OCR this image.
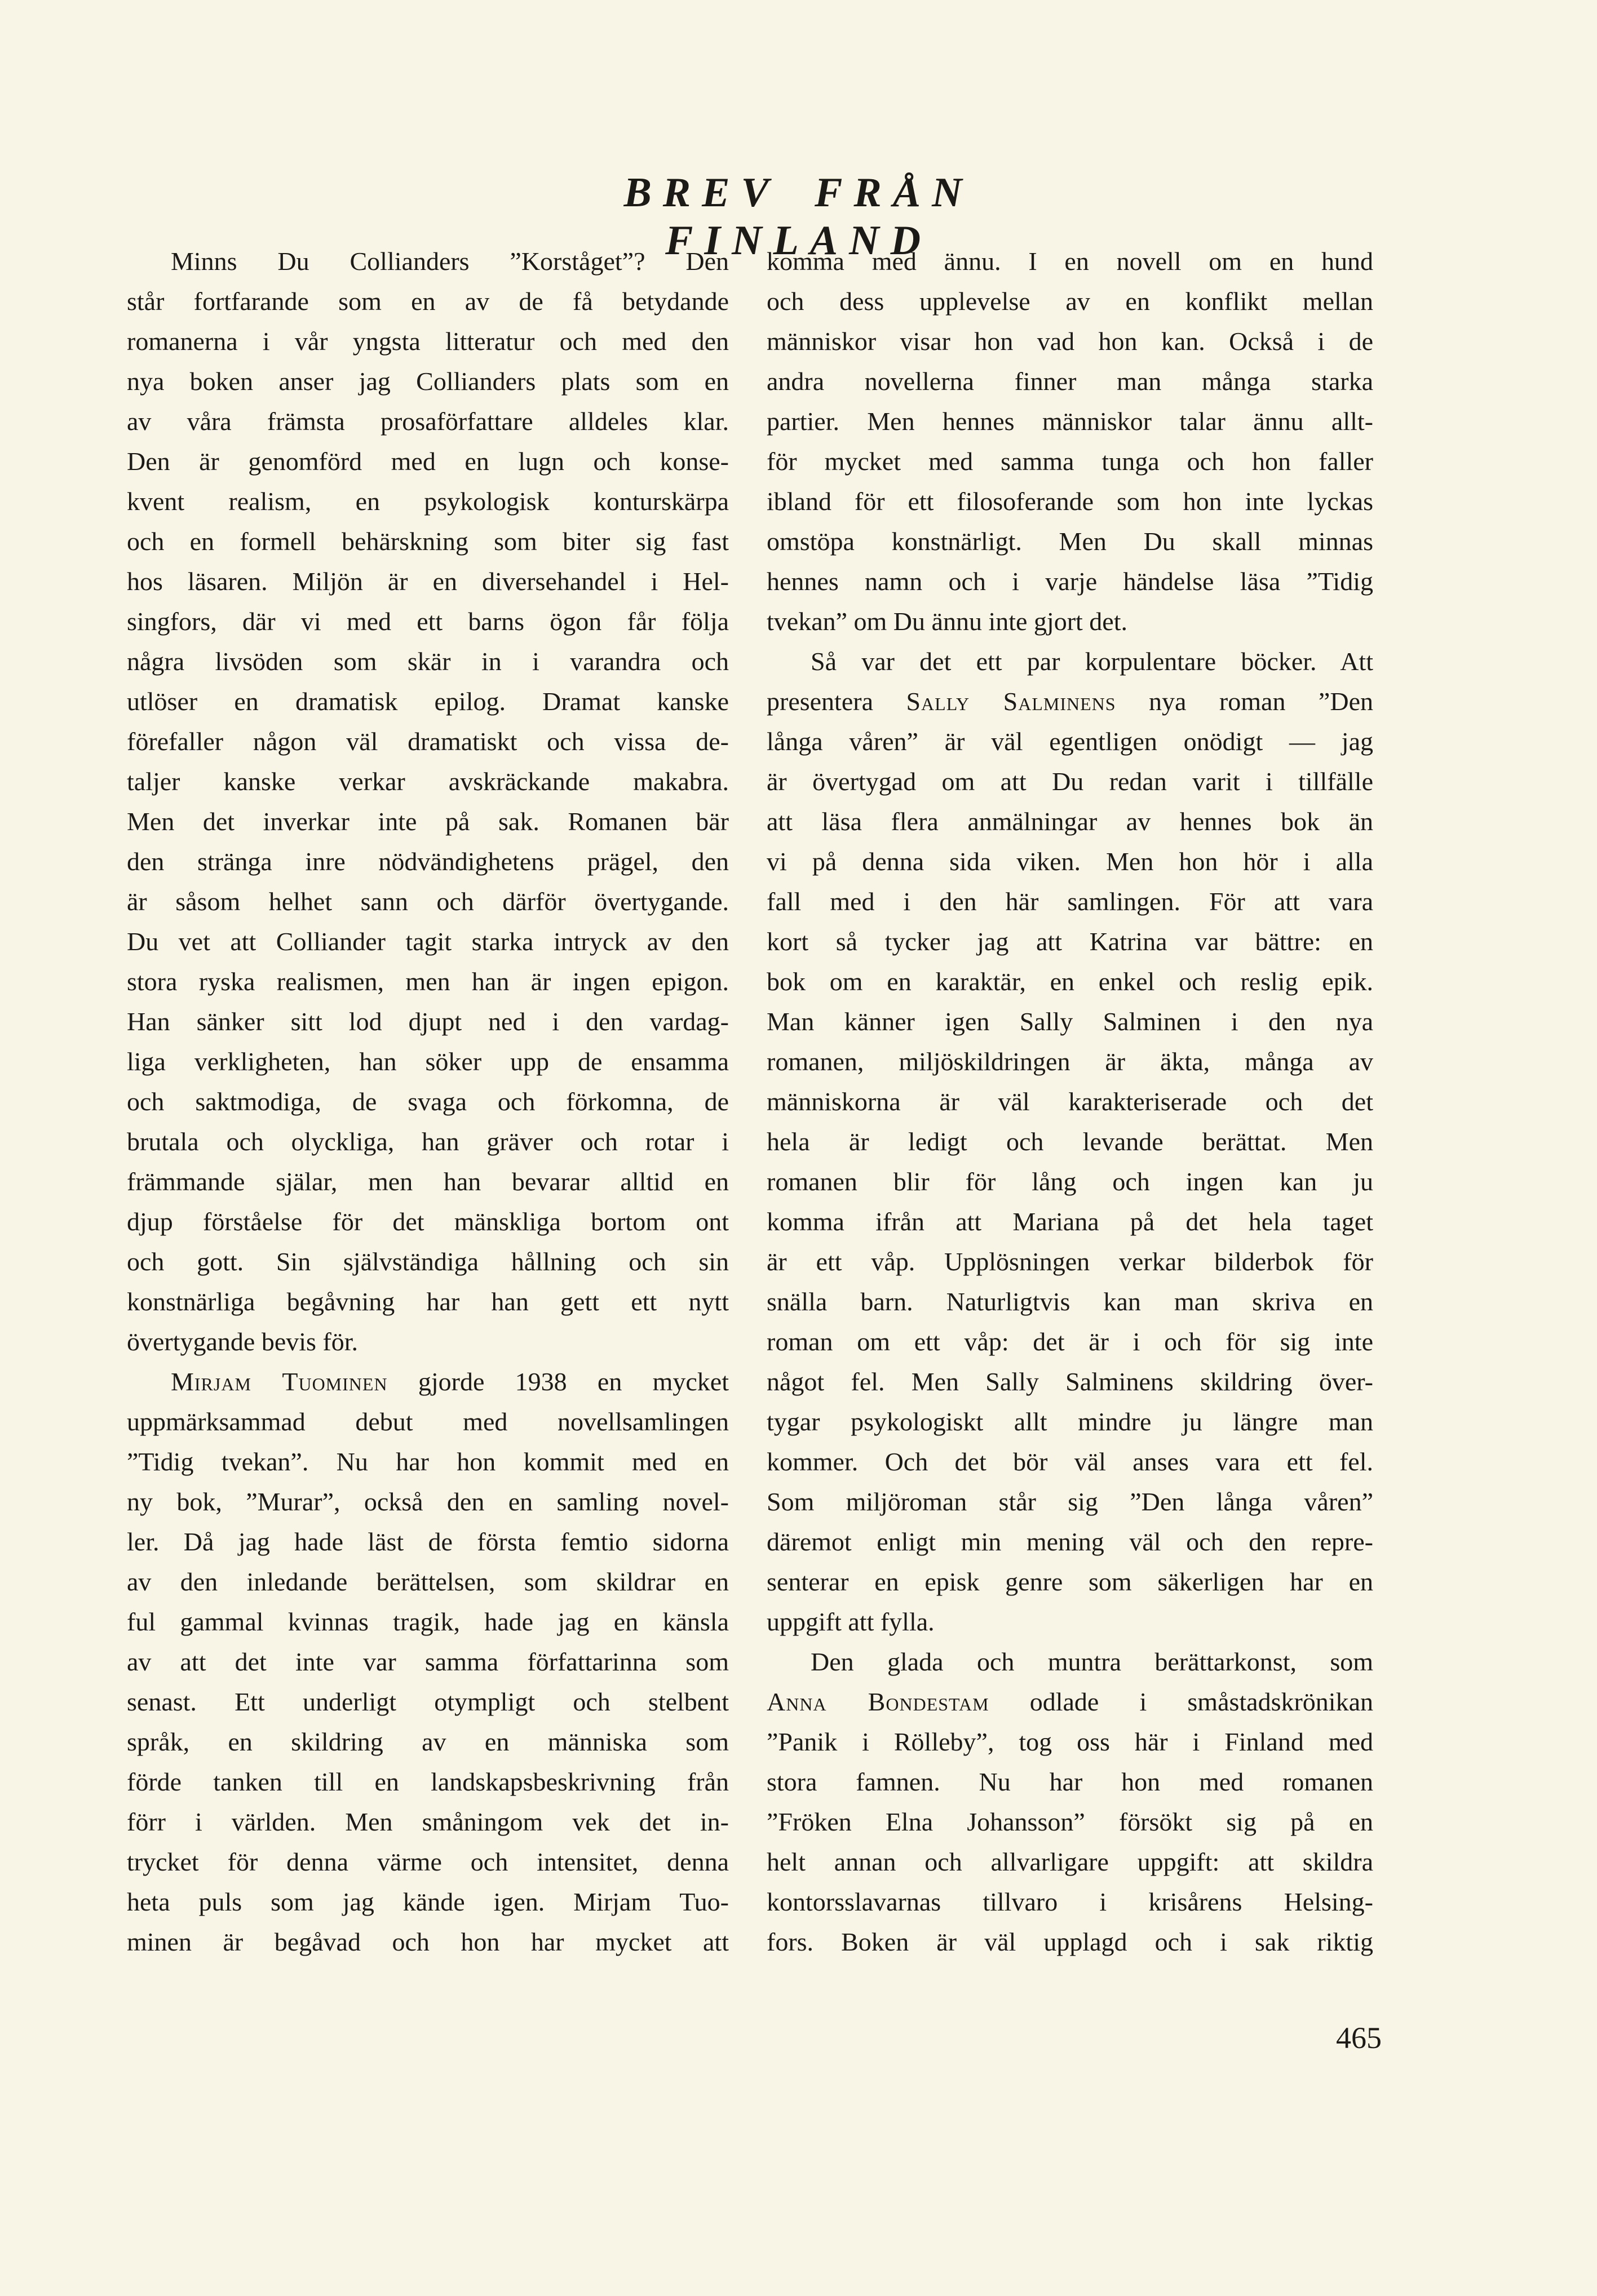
BREV FRÅN FINLAND
Minns Du Collianders ”Korståget”? Den
står fortfarande som en av de få betydande
romanerna i vår yngsta litteratur och med den
nya boken anser jag Collianders plats som en
av våra främsta prosaförfattare alldeles klar.
Den är genomförd med en lugn och konse-
kvent realism, en psykologisk konturskärpa
och en formell behärskning som biter sig fast
hos läsaren. Miljön är en diversehandel i Hel-
singfors, där vi med ett barns ögon får följa
några livsöden som skär in i varandra och
utlöser en dramatisk epilog. Dramat kanske
förefaller någon väl dramatiskt och vissa de-
taljer kanske verkar avskräckande makabra.
Men det inverkar inte på sak. Romanen bär
den stränga inre nödvändighetens prägel, den
är såsom helhet sann och därför övertygande.
Du vet att Colliander tagit starka intryck av den
stora ryska realismen, men han är ingen epigon.
Han sänker sitt lod djupt ned i den vardag-
liga verkligheten, han söker upp de ensamma
och saktmodiga, de svaga och förkomna, de
brutala och olyckliga, han gräver och rotar i
främmande själar, men han bevarar alltid en
djup förståelse för det mänskliga bortom ont
och gott. Sin självständiga hållning och sin
konstnärliga begåvning har han gett ett nytt
övertygande bevis för.
Mirjam Tuominen gjorde 1938 en mycket
uppmärksammad debut med novellsamlingen
”Tidig tvekan”. Nu har hon kommit med en
ny bok, ”Murar”, också den en samling novel-
ler. Då jag hade läst de första femtio sidorna
av den inledande berättelsen, som skildrar en
ful gammal kvinnas tragik, hade jag en känsla
av att det inte var samma författarinna som
senast. Ett underligt otympligt och stelbent
språk, en skildring av en människa som
förde tanken till en landskapsbeskrivning från
förr i världen. Men småningom vek det in-
trycket för denna värme och intensitet, denna
heta puls som jag kände igen. Mirjam Tuo-
minen är begåvad och hon har mycket att
komma med ännu. I en novell om en hund
och dess upplevelse av en konflikt mellan
människor visar hon vad hon kan. Också i de
andra novellerna finner man många starka
partier. Men hennes människor talar ännu allt-
för mycket med samma tunga och hon faller
ibland för ett filosoferande som hon inte lyckas
omstöpa konstnärligt. Men Du skall minnas
hennes namn och i varje händelse läsa ”Tidig
tvekan” om Du ännu inte gjort det.
Så var det ett par korpulentare böcker. Att
presentera Sally Salminens nya roman ”Den
långa våren” är väl egentligen onödigt — jag
är övertygad om att Du redan varit i tillfälle
att läsa flera anmälningar av hennes bok än
vi på denna sida viken. Men hon hör i alla
fall med i den här samlingen. För att vara
kort så tycker jag att Katrina var bättre: en
bok om en karaktär, en enkel och reslig epik.
Man känner igen Sally Salminen i den nya
romanen, miljöskildringen är äkta, många av
människorna är väl karakteriserade och det
hela är ledigt och levande berättat. Men
romanen blir för lång och ingen kan ju
komma ifrån att Mariana på det hela taget
är ett våp. Upplösningen verkar bilderbok för
snälla barn. Naturligtvis kan man skriva en
roman om ett våp: det är i och för sig inte
något fel. Men Sally Salminens skildring över-
tygar psykologiskt allt mindre ju längre man
kommer. Och det bör väl anses vara ett fel.
Som miljöroman står sig ”Den långa våren”
däremot enligt min mening väl och den repre-
senterar en episk genre som säkerligen har en
uppgift att fylla.
Den glada och muntra berättarkonst, som
Anna Bondestam odlade i småstadskrönikan
”Panik i Rölleby”, tog oss här i Finland med
stora famnen. Nu har hon med romanen
”Fröken Elna Johansson” försökt sig på en
helt annan och allvarligare uppgift: att skildra
kontorsslavarnas tillvaro i krisårens Helsing-
fors. Boken är väl upplagd och i sak riktig
465
